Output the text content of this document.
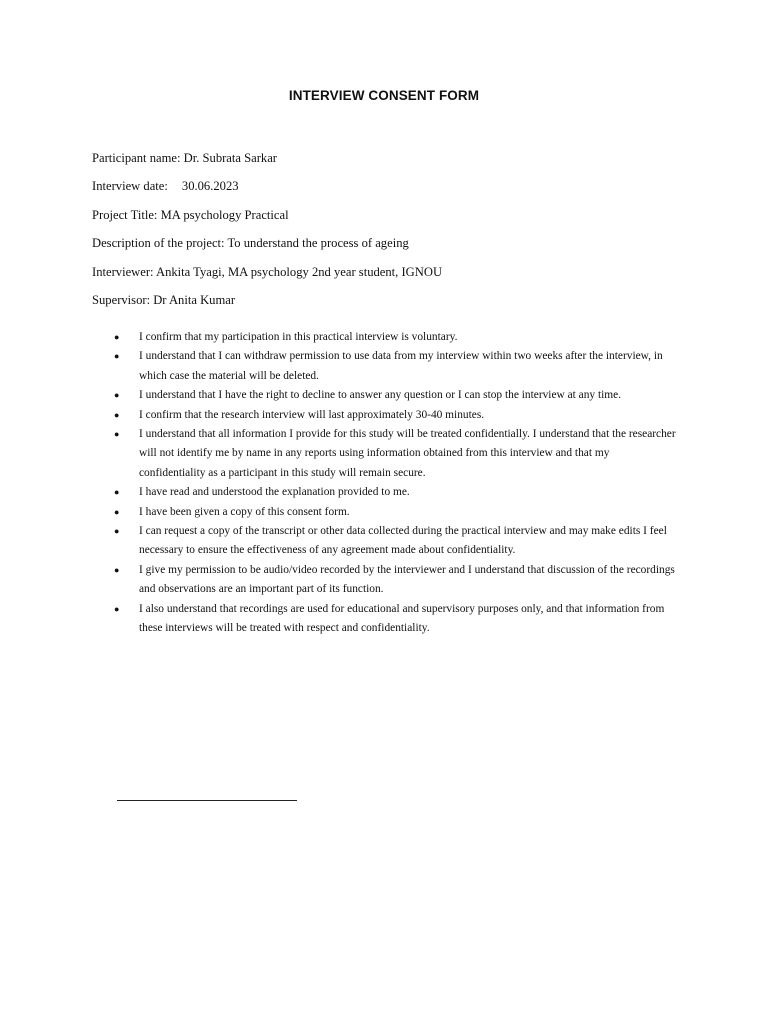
INTERVIEW CONSENT FORM
Participant name: Dr. Subrata Sarkar
Interview date: 30.06.2023
Project Title: MA psychology Practical
Description of the project: To understand the process of ageing
Interviewer: Ankita Tyagi, MA psychology 2nd year student, IGNOU
Supervisor: Dr Anita Kumar
● I confirm that my participation in this practical interview is voluntary.
● I understand that I can withdraw permission to use data from my interview within two weeks after the interview, in which case the material will be deleted.
● I understand that I have the right to decline to answer any question or I can stop the interview at any time.
● I confirm that the research interview will last approximately 30-40 minutes.
● I understand that all information I provide for this study will be treated confidentially. I understand that the researcher will not identify me by name in any reports using information obtained from this interview and that my confidentiality as a participant in this study will remain secure.
● I have read and understood the explanation provided to me.
● I have been given a copy of this consent form.
● I can request a copy of the transcript or other data collected during the practical interview and may make edits I feel necessary to ensure the effectiveness of any agreement made about confidentiality.
● I give my permission to be audio/video recorded by the interviewer and I understand that discussion of the recordings and observations are an important part of its function.
● I also understand that recordings are used for educational and supervisory purposes only, and that information from these interviews will be treated with respect and confidentiality.
